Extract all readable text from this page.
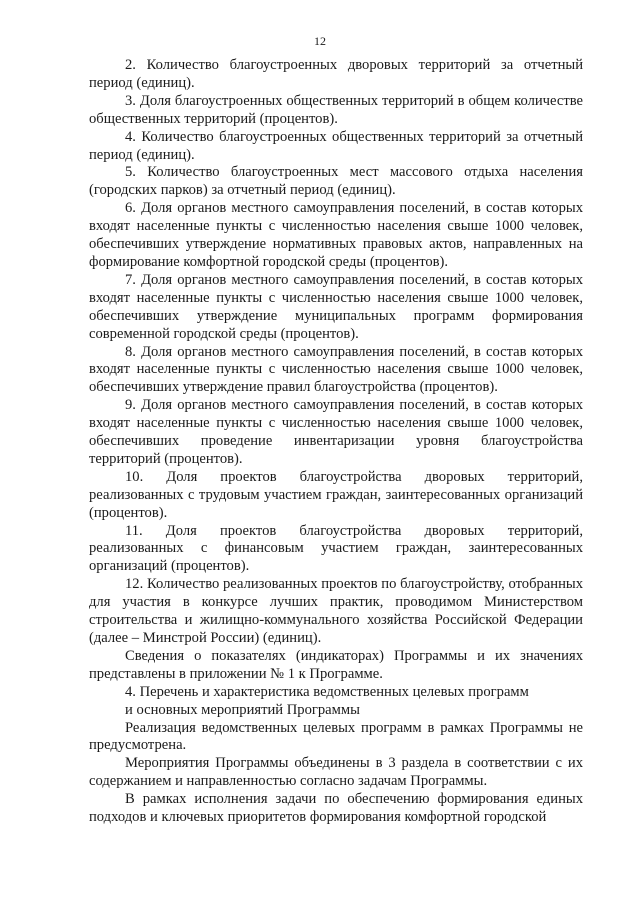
12

2. Количество благоустроенных дворовых территорий за отчетный период (единиц).

3. Доля благоустроенных общественных территорий в общем количестве общественных территорий (процентов).

4. Количество благоустроенных общественных территорий за отчетный период (единиц).

5. Количество благоустроенных мест массового отдыха населения (городских парков) за отчетный период (единиц).

6. Доля органов местного самоуправления поселений, в состав которых входят населенные пункты с численностью населения свыше 1000 человек, обеспечивших утверждение нормативных правовых актов, направленных на формирование комфортной городской среды (процентов).

7. Доля органов местного самоуправления поселений, в состав которых входят населенные пункты с численностью населения свыше 1000 человек, обеспечивших утверждение муниципальных программ формирования современной городской среды (процентов).

8. Доля органов местного самоуправления поселений, в состав которых входят населенные пункты с численностью населения свыше 1000 человек, обеспечивших утверждение правил благоустройства (процентов).

9. Доля органов местного самоуправления поселений, в состав которых входят населенные пункты с численностью населения свыше 1000 человек, обеспечивших проведение инвентаризации уровня благоустройства территорий (процентов).

10. Доля проектов благоустройства дворовых территорий, реализованных с трудовым участием граждан, заинтересованных организаций (процентов).

11. Доля проектов благоустройства дворовых территорий, реализованных с финансовым участием граждан, заинтересованных организаций (процентов).

12. Количество реализованных проектов по благоустройству, отобранных для участия в конкурсе лучших практик, проводимом Министерством строительства и жилищно-коммунального хозяйства Российской Федерации (далее – Минстрой России) (единиц).

Сведения о показателях (индикаторах) Программы и их значениях представлены в приложении № 1 к Программе.

4. Перечень и характеристика ведомственных целевых программ
и основных мероприятий Программы

Реализация ведомственных целевых программ в рамках Программы не предусмотрена.

Мероприятия Программы объединены в 3 раздела в соответствии с их содержанием и направленностью согласно задачам Программы.

В рамках исполнения задачи по обеспечению формирования единых подходов и ключевых приоритетов формирования комфортной городской
